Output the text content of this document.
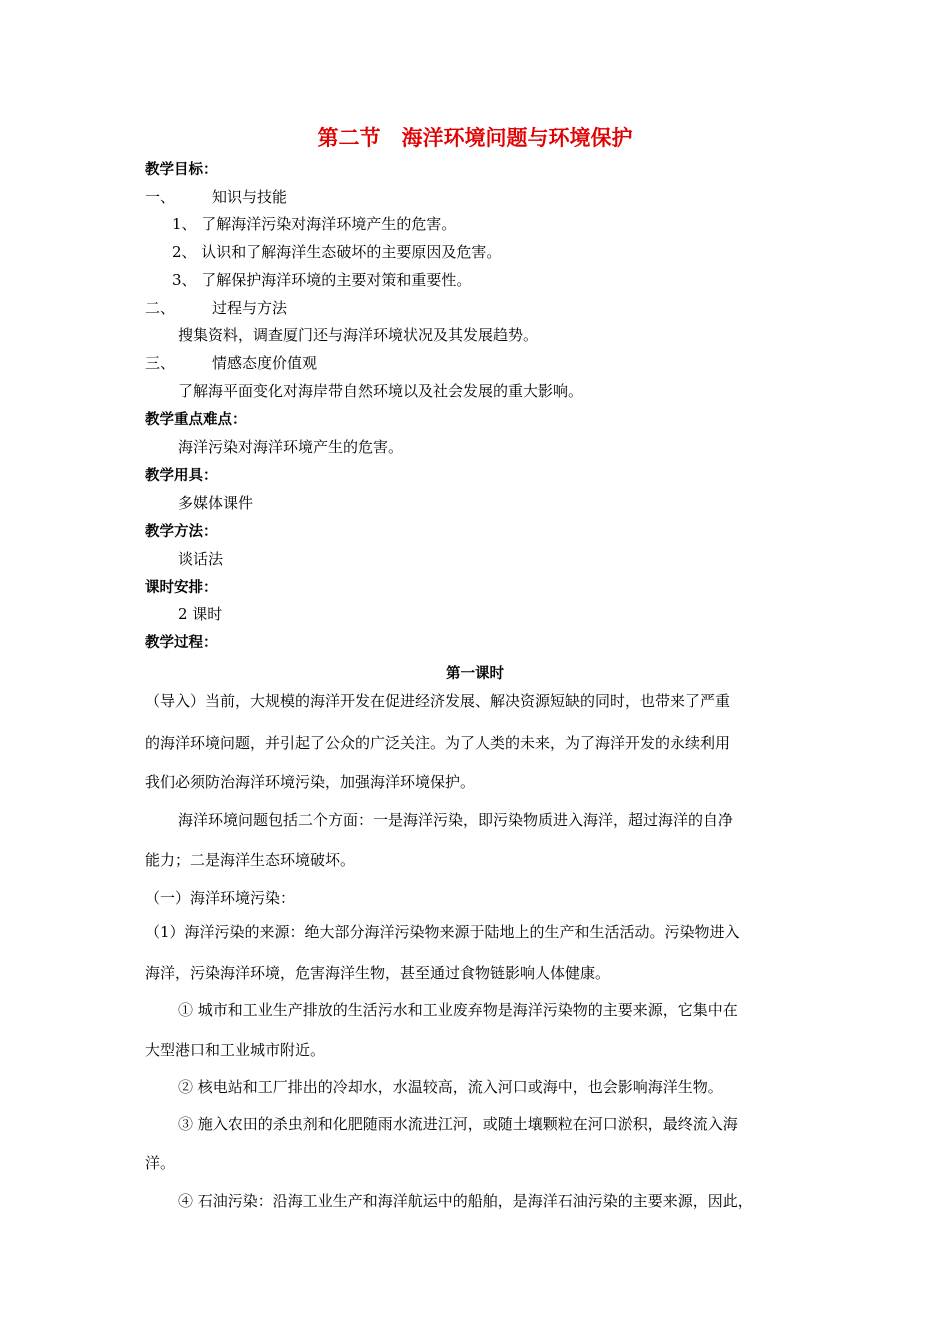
第二节　海洋环境问题与环境保护
教学目标：
一、 知识与技能
1、 了解海洋污染对海洋环境产生的危害。
2、 认识和了解海洋生态破坏的主要原因及危害。
3、 了解保护海洋环境的主要对策和重要性。
二、 过程与方法
搜集资料，调查厦门还与海洋环境状况及其发展趋势。
三、 情感态度价值观
了解海平面变化对海岸带自然环境以及社会发展的重大影响。
教学重点难点：
海洋污染对海洋环境产生的危害。
教学用具：
多媒体课件
教学方法：
谈话法
课时安排：
2 课时
教学过程：
第一课时
（导入）当前，大规模的海洋开发在促进经济发展、解决资源短缺的同时，也带来了严重
的海洋环境问题，并引起了公众的广泛关注。为了人类的未来，为了海洋开发的永续利用
我们必须防治海洋环境污染，加强海洋环境保护。
海洋环境问题包括二个方面：一是海洋污染，即污染物质进入海洋，超过海洋的自净
能力；二是海洋生态环境破坏。
（一）海洋环境污染：
（1）海洋污染的来源：绝大部分海洋污染物来源于陆地上的生产和生活活动。污染物进入
海洋，污染海洋环境，危害海洋生物，甚至通过食物链影响人体健康。
① 城市和工业生产排放的生活污水和工业废弃物是海洋污染物的主要来源，它集中在
大型港口和工业城市附近。
② 核电站和工厂排出的冷却水，水温较高，流入河口或海中，也会影响海洋生物。
③ 施入农田的杀虫剂和化肥随雨水流进江河，或随土壤颗粒在河口淤积，最终流入海
洋。
④ 石油污染：沿海工业生产和海洋航运中的船舶，是海洋石油污染的主要来源，因此，
